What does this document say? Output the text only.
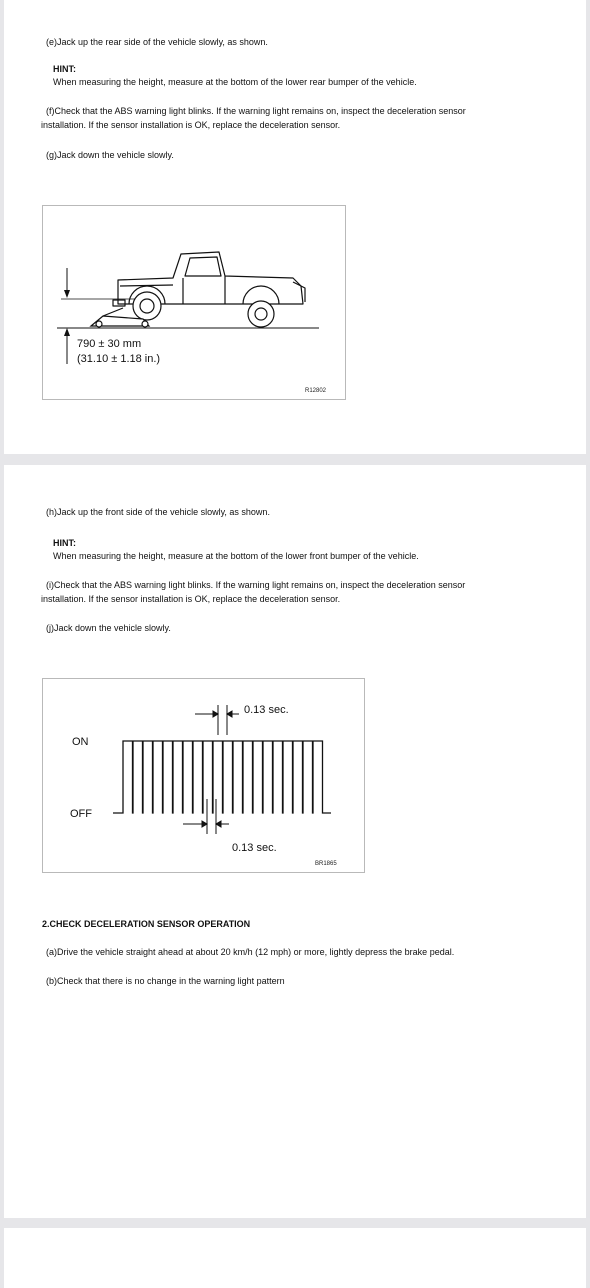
(e)Jack up the rear side of the vehicle slowly, as shown.
HINT:
When measuring the height, measure at the bottom of the lower rear bumper of the vehicle.
(f)Check that the ABS warning light blinks. If the warning light remains on, inspect the deceleration sensor
installation. If the sensor installation is OK, replace the deceleration sensor.
(g)Jack down the vehicle slowly.
790 ± 30 mm
(31.10 ± 1.18 in.)
R12802
(h)Jack up the front side of the vehicle slowly, as shown.
HINT:
When measuring the height, measure at the bottom of the lower front bumper of the vehicle.
(i)Check that the ABS warning light blinks. If the warning light remains on, inspect the deceleration sensor
installation. If the sensor installation is OK, replace the deceleration sensor.
(j)Jack down the vehicle slowly.
ON
OFF
0.13 sec.
0.13 sec.
BR1865
2.CHECK DECELERATION SENSOR OPERATION
(a)Drive the vehicle straight ahead at about 20 km/h (12 mph) or more, lightly depress the brake pedal.
(b)Check that there is no change in the warning light pattern
